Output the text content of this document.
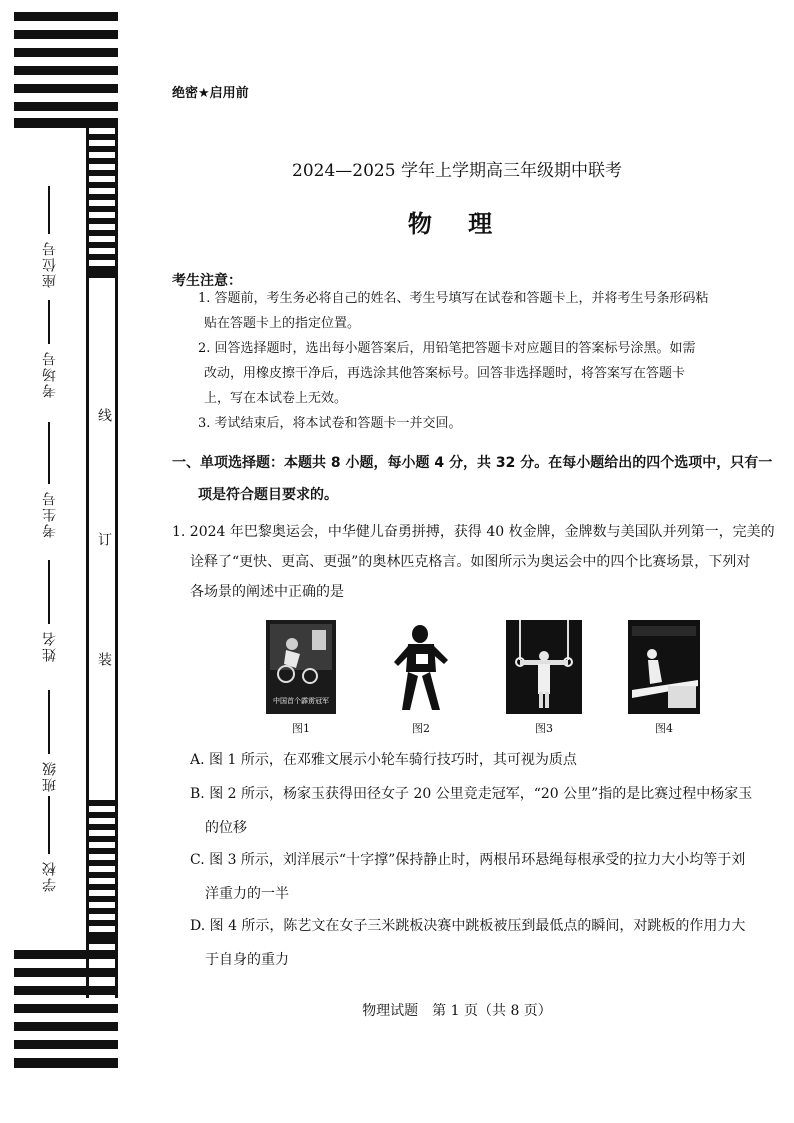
座位号
考场号
考生号
姓名
班级
学校
线
订
装
绝密★启用前
2024—2025 学年上学期高三年级期中联考
物 理
考生注意：
1. 答题前，考生务必将自己的姓名、考生号填写在试卷和答题卡上，并将考生号条形码粘
贴在答题卡上的指定位置。
2. 回答选择题时，选出每小题答案后，用铅笔把答题卡对应题目的答案标号涂黑。如需
改动，用橡皮擦干净后，再选涂其他答案标号。回答非选择题时，将答案写在答题卡
上，写在本试卷上无效。
3. 考试结束后，将本试卷和答题卡一并交回。
一、单项选择题：本题共 8 小题，每小题 4 分，共 32 分。在每小题给出的四个选项中，只有一
项是符合题目要求的。
1. 2024 年巴黎奥运会，中华健儿奋勇拼搏，获得 40 枚金牌，金牌数与美国队并列第一，完美的
诠释了“更快、更高、更强”的奥林匹克格言。如图所示为奥运会中的四个比赛场景，下列对
各场景的阐述中正确的是
中国首个霹雳冠军
图1	图2	图3	图4
A. 图 1 所示，在邓雅文展示小轮车骑行技巧时，其可视为质点
B. 图 2 所示，杨家玉获得田径女子 20 公里竞走冠军，“20 公里”指的是比赛过程中杨家玉
的位移
C. 图 3 所示，刘洋展示“十字撑”保持静止时，两根吊环悬绳每根承受的拉力大小均等于刘
洋重力的一半
D. 图 4 所示，陈艺文在女子三米跳板决赛中跳板被压到最低点的瞬间，对跳板的作用力大
于自身的重力
物理试题　第 1 页（共 8 页）
